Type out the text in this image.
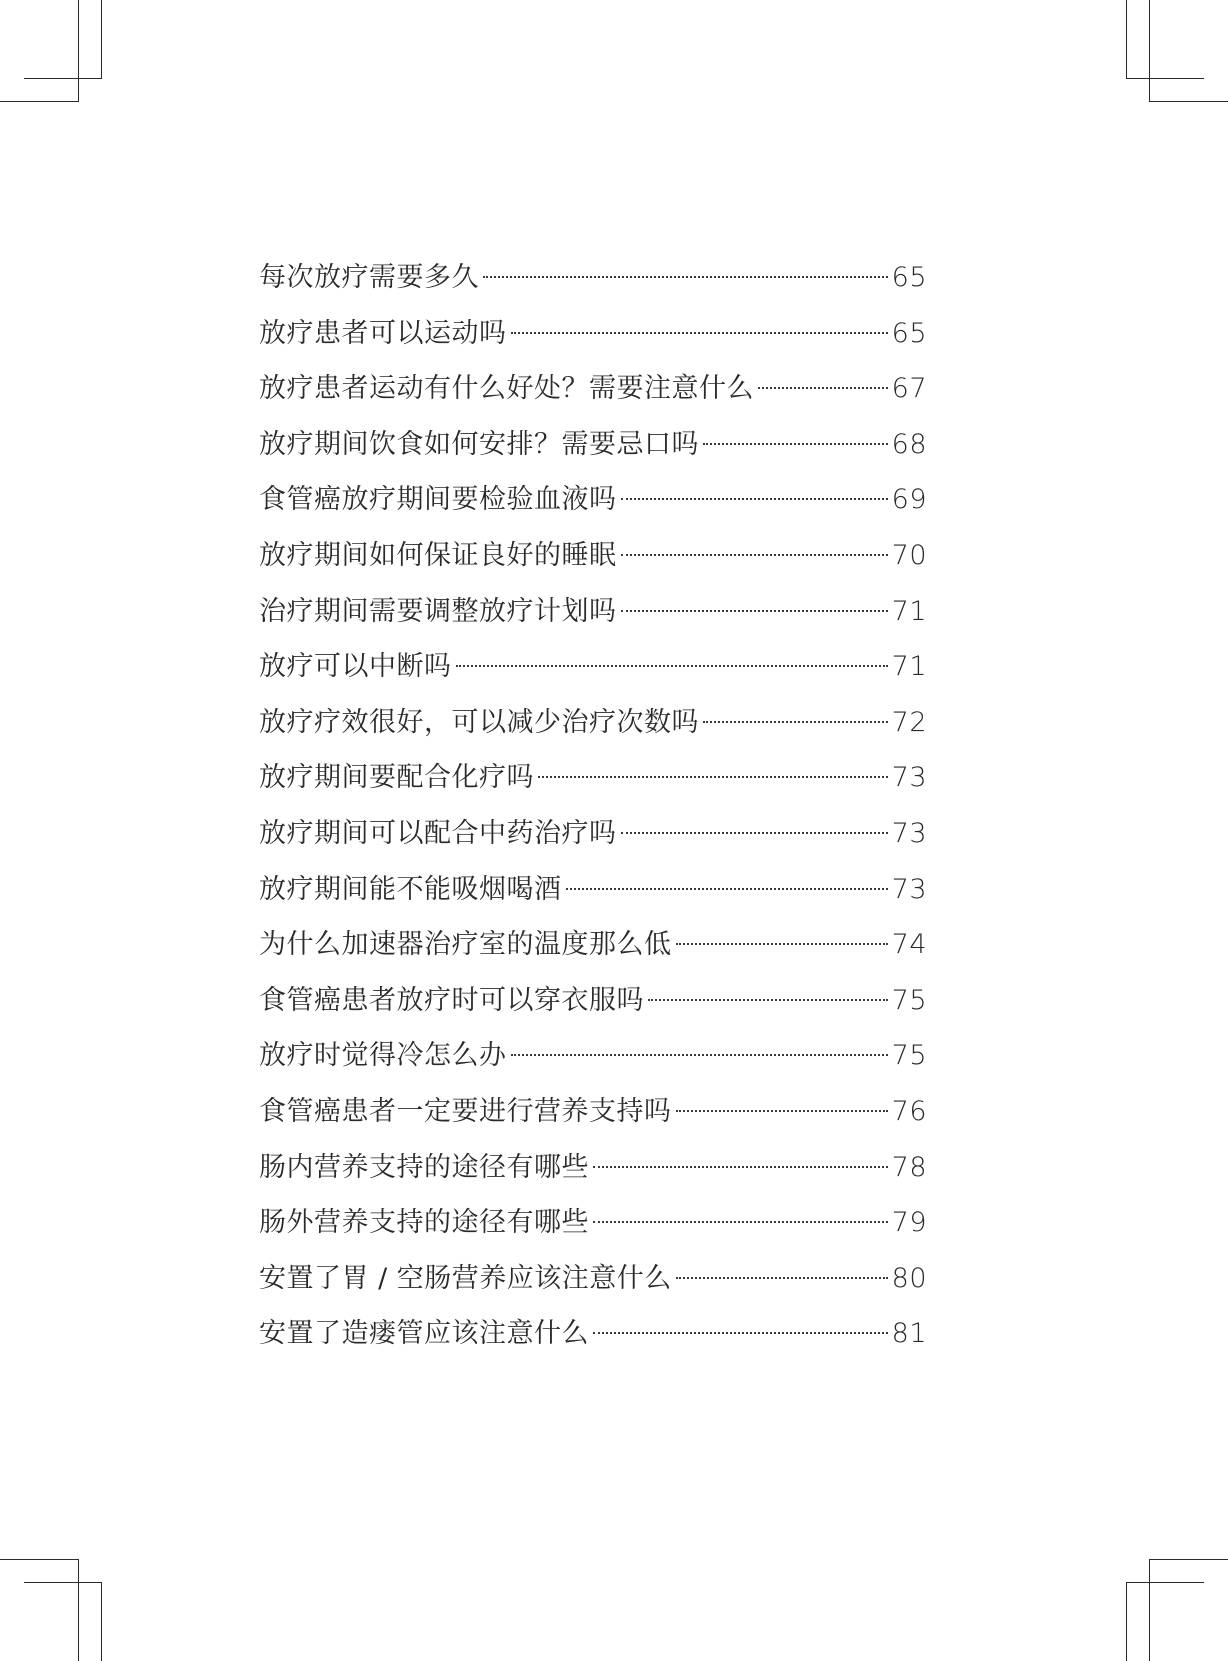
每次放疗需要多久	65
放疗患者可以运动吗	65
放疗患者运动有什么好处？需要注意什么	67
放疗期间饮食如何安排？需要忌口吗	68
食管癌放疗期间要检验血液吗	69
放疗期间如何保证良好的睡眠	70
治疗期间需要调整放疗计划吗	71
放疗可以中断吗	71
放疗疗效很好，可以减少治疗次数吗	72
放疗期间要配合化疗吗	73
放疗期间可以配合中药治疗吗	73
放疗期间能不能吸烟喝酒	73
为什么加速器治疗室的温度那么低	74
食管癌患者放疗时可以穿衣服吗	75
放疗时觉得冷怎么办	75
食管癌患者一定要进行营养支持吗	76
肠内营养支持的途径有哪些	78
肠外营养支持的途径有哪些	79
安置了胃 / 空肠营养应该注意什么	80
安置了造瘘管应该注意什么	81
